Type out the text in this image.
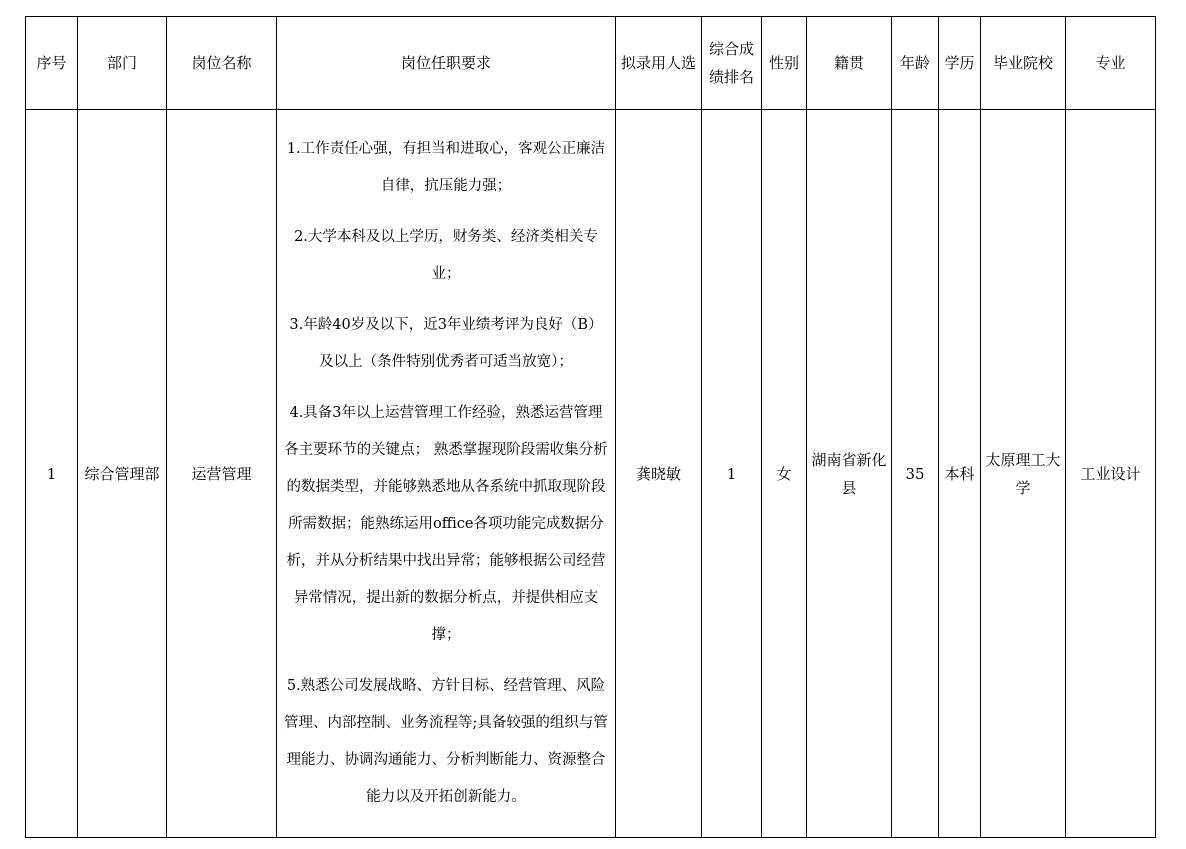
序号	部门	岗位名称	岗位任职要求	拟录用人选	综合成绩排名	性别	籍贯	年龄	学历	毕业院校	专业
1	综合管理部	运营管理	1.工作责任心强，有担当和进取心，客观公正廉洁自律，抗压能力强；
2.大学本科及以上学历，财务类、经济类相关专业；
3.年龄40岁及以下，近3年业绩考评为良好（B）及以上（条件特别优秀者可适当放宽）；
4.具备3年以上运营管理工作经验，熟悉运营管理各主要环节的关键点； 熟悉掌握现阶段需收集分析的数据类型，并能够熟悉地从各系统中抓取现阶段所需数据；能熟练运用office各项功能完成数据分析，并从分析结果中找出异常；能够根据公司经营异常情况，提出新的数据分析点，并提供相应支撑；
5.熟悉公司发展战略、方针目标、经营管理、风险管理、内部控制、业务流程等;具备较强的组织与管理能力、协调沟通能力、分析判断能力、资源整合能力以及开拓创新能力。	龚晓敏	1	女	湖南省新化县	35	本科	太原理工大学	工业设计
